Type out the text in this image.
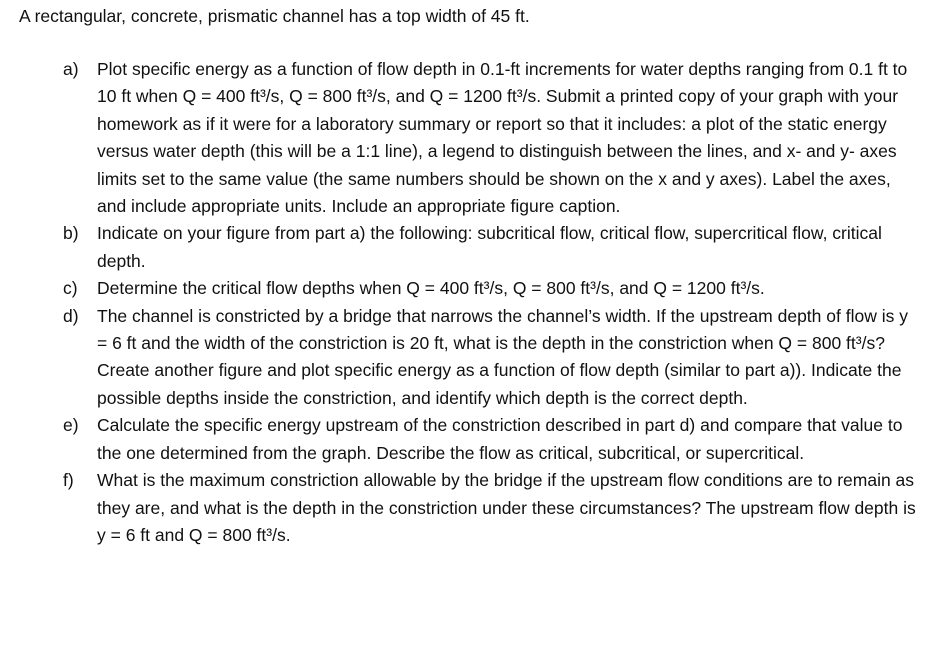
A rectangular, concrete, prismatic channel has a top width of 45 ft.
a)	Plot specific energy as a function of flow depth in 0.1-ft increments for water depths ranging from 0.1 ft to 10 ft when Q = 400 ft³/s, Q = 800 ft³/s, and Q = 1200 ft³/s. Submit a printed copy of your graph with your homework as if it were for a laboratory summary or report so that it includes: a plot of the static energy versus water depth (this will be a 1:1 line), a legend to distinguish between the lines, and x- and y- axes limits set to the same value (the same numbers should be shown on the x and y axes). Label the axes, and include appropriate units. Include an appropriate figure caption.
b)	Indicate on your figure from part a) the following: subcritical flow, critical flow, supercritical flow, critical depth.
c)	Determine the critical flow depths when Q = 400 ft³/s, Q = 800 ft³/s, and Q = 1200 ft³/s.
d)	The channel is constricted by a bridge that narrows the channel’s width. If the upstream depth of flow is y = 6 ft and the width of the constriction is 20 ft, what is the depth in the constriction when Q = 800 ft³/s? Create another figure and plot specific energy as a function of flow depth (similar to part a)). Indicate the possible depths inside the constriction, and identify which depth is the correct depth.
e)	Calculate the specific energy upstream of the constriction described in part d) and compare that value to the one determined from the graph. Describe the flow as critical, subcritical, or supercritical.
f)	What is the maximum constriction allowable by the bridge if the upstream flow conditions are to remain as they are, and what is the depth in the constriction under these circumstances? The upstream flow depth is y = 6 ft and Q = 800 ft³/s.
